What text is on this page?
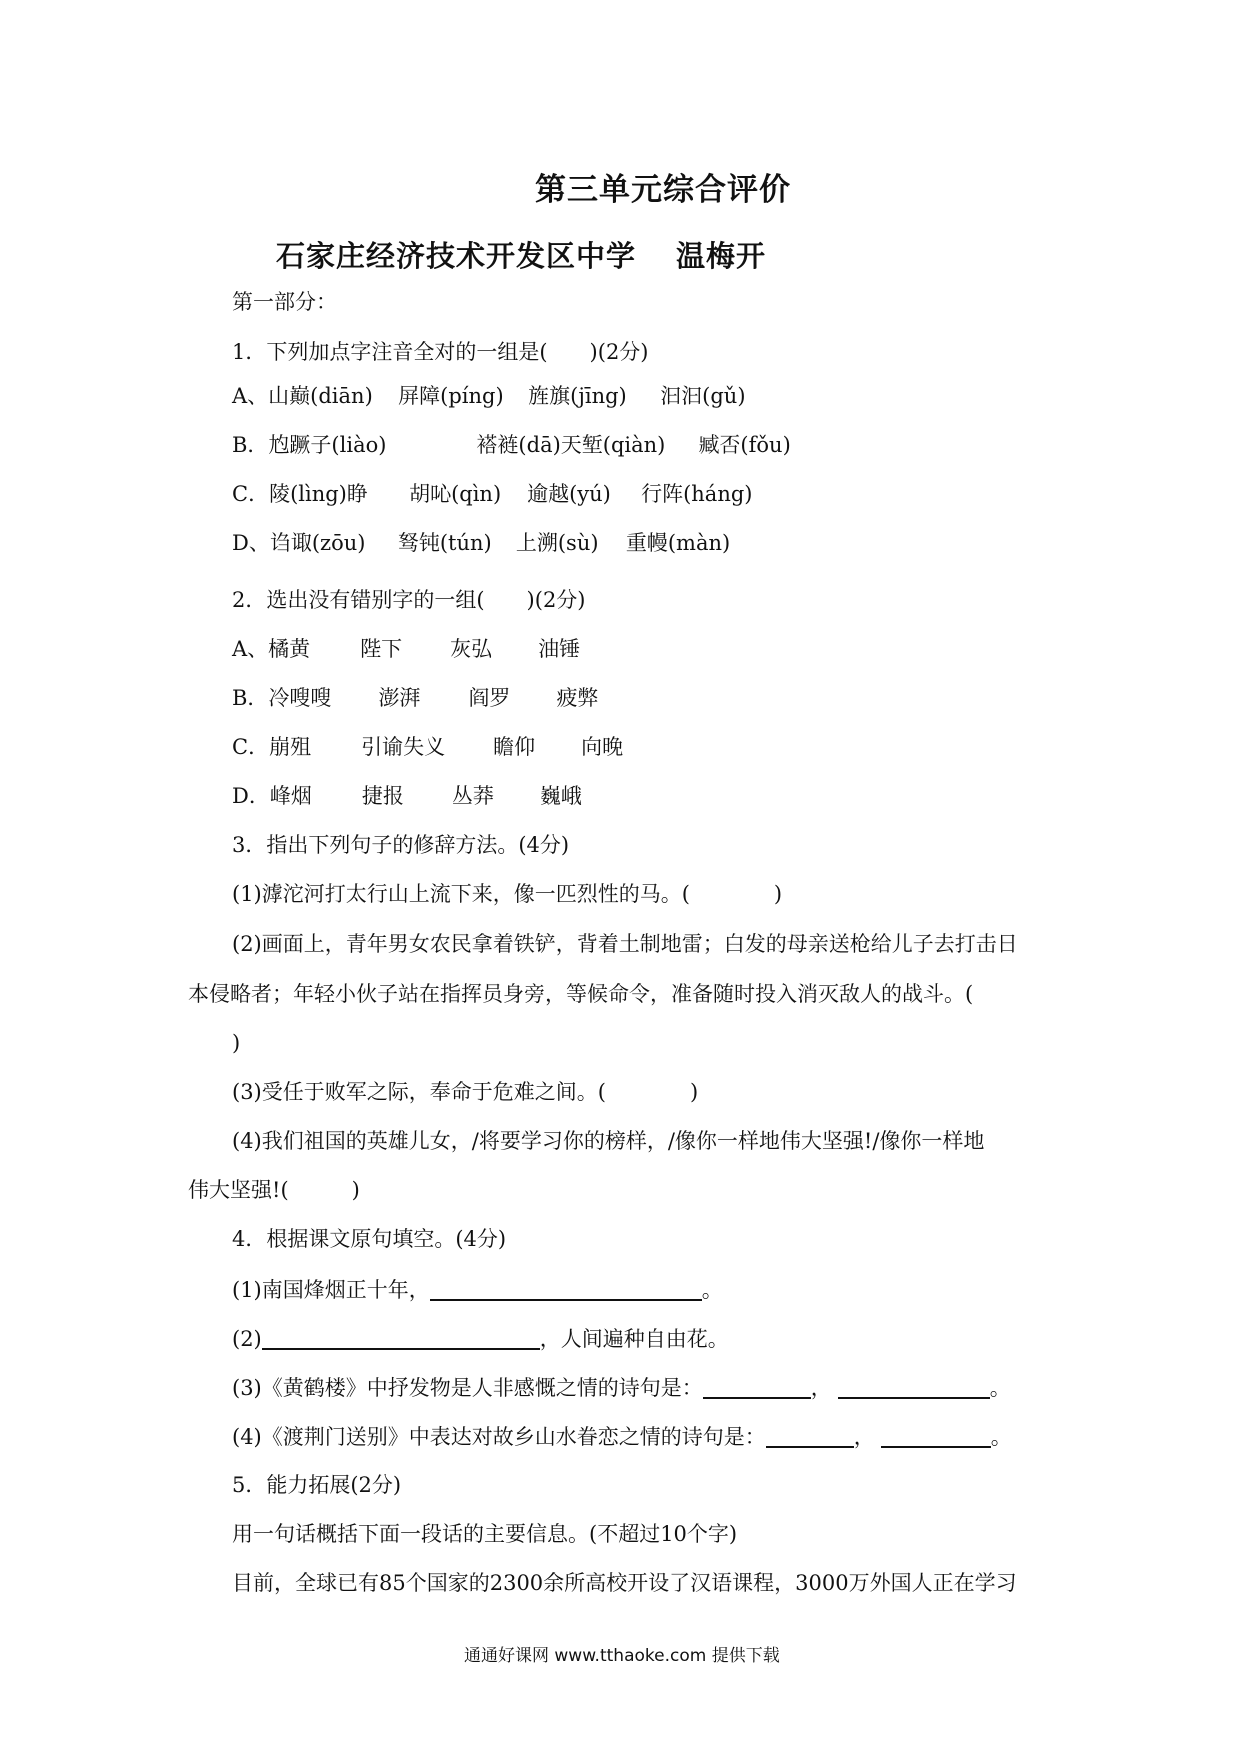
第三单元综合评价
石家庄经济技术开发区中学 温梅开
第一部分：
1．下列加点字注音全对的一组是(　　)(2分)
A、山巅(diān) 屏障(píng) 旌旗(jīng) 汩汩(gǔ)
B．尥蹶子(liào)	褡裢(dā)天堑(qiàn) 臧否(fǒu)
C．陵(lìng)睁 胡吣(qìn) 逾越(yú) 行阵(háng)
D、诌诹(zōu) 驽钝(tún) 上溯(sù) 重幔(màn)
2．选出没有错别字的一组(　　)(2分)
A、橘黄 陛下 灰弘 油锤
B．冷嗖嗖 澎湃 阎罗 疲弊
C．崩殂 引谕失义 瞻仰 向晚
D．峰烟 捷报 丛莽 巍峨
3．指出下列句子的修辞方法。(4分)
(1)滹沱河打太行山上流下来，像一匹烈性的马。(　　　　)
(2)画面上，青年男女农民拿着铁铲，背着土制地雷；白发的母亲送枪给儿子去打击日
本侵略者；年轻小伙子站在指挥员身旁，等候命令，准备随时投入消灭敌人的战斗。(
)
(3)受任于败军之际，奉命于危难之间。(　　　　)
(4)我们祖国的英雄儿女，/将要学习你的榜样，/像你一样地伟大坚强!/像你一样地
伟大坚强!(　　　)
4．根据课文原句填空。(4分)
(1)南国烽烟正十年，	。
(2)	，人间遍种自由花。
(3)《黄鹤楼》中抒发物是人非感慨之情的诗句是：	，	。
(4)《渡荆门送别》中表达对故乡山水眷恋之情的诗句是：	，	。
5．能力拓展(2分)
用一句话概括下面一段话的主要信息。(不超过10个字)
目前，全球已有85个国家的2300余所高校开设了汉语课程，3000万外国人正在学习
通通好课网 www.tthaoke.com 提供下载
